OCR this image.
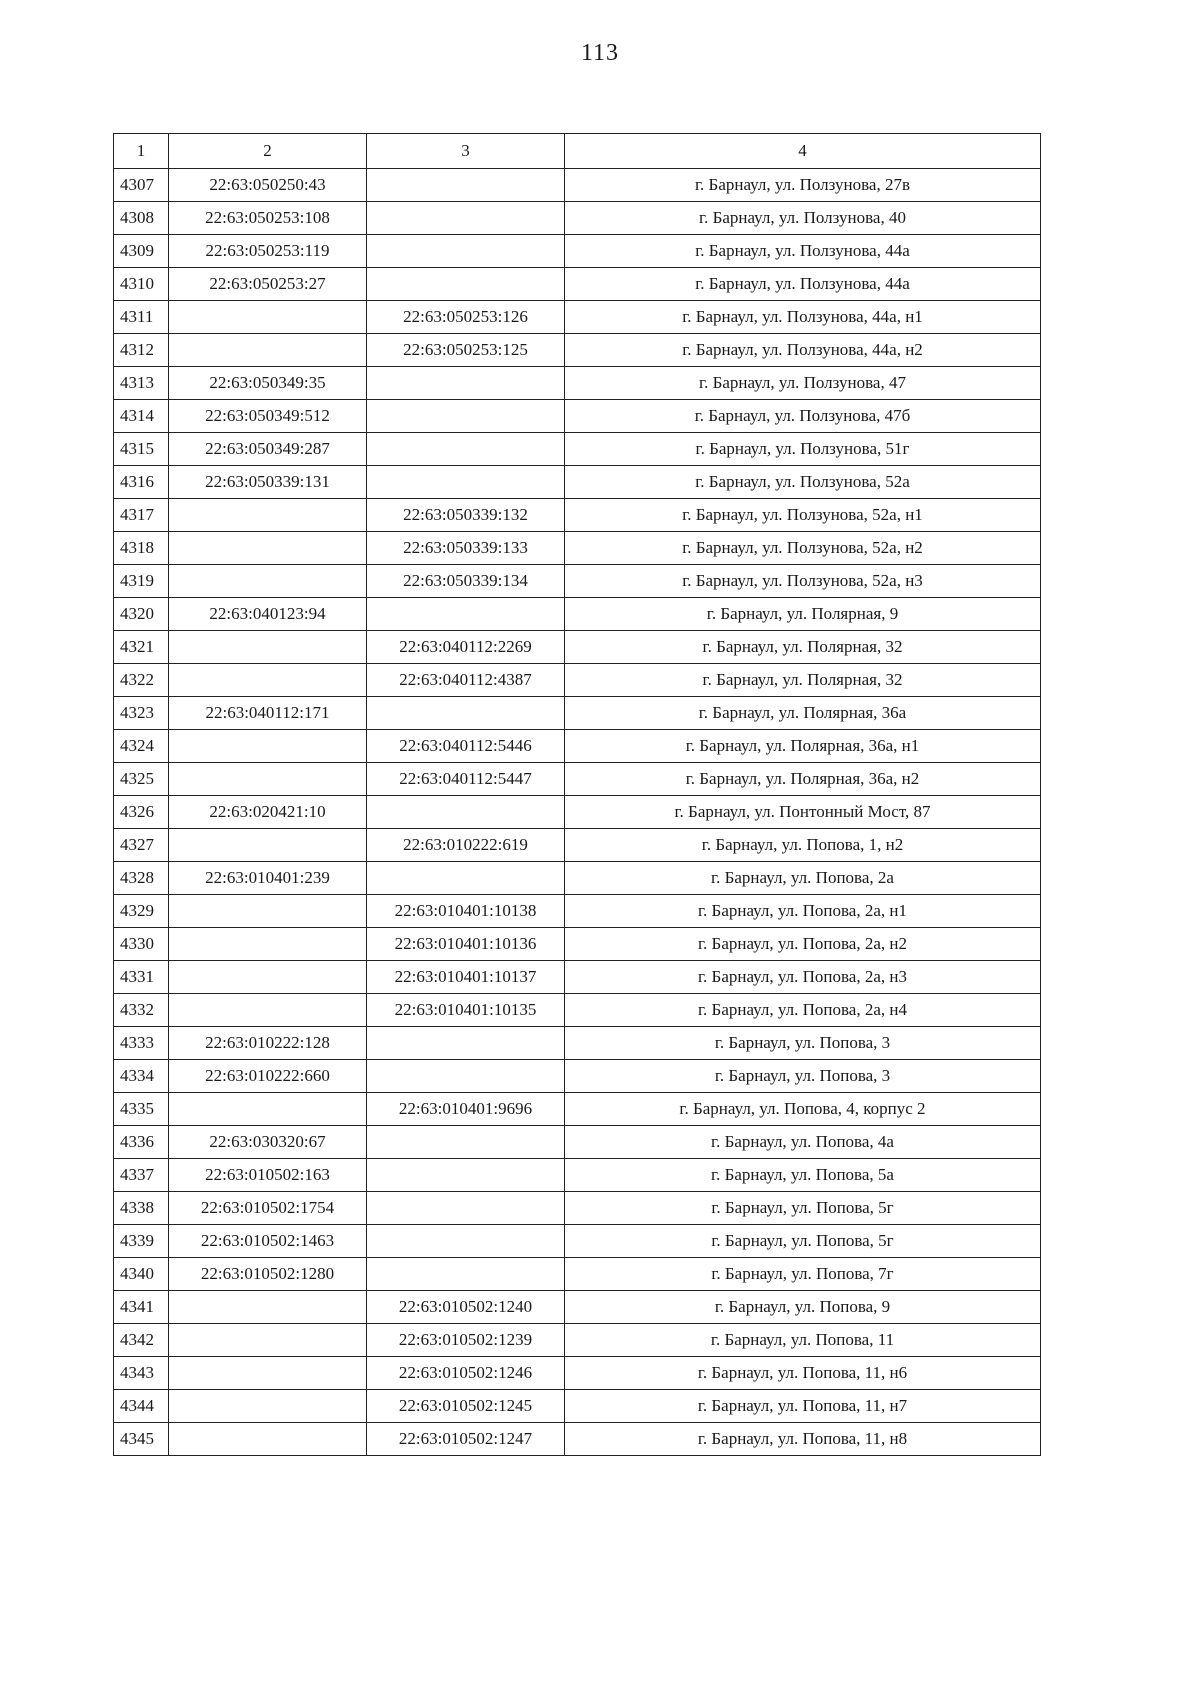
113
1	2	3	4
4307	22:63:050250:43		г. Барнаул, ул. Ползунова, 27в
4308	22:63:050253:108		г. Барнаул, ул. Ползунова, 40
4309	22:63:050253:119		г. Барнаул, ул. Ползунова, 44а
4310	22:63:050253:27		г. Барнаул, ул. Ползунова, 44а
4311		22:63:050253:126	г. Барнаул, ул. Ползунова, 44а, н1
4312		22:63:050253:125	г. Барнаул, ул. Ползунова, 44а, н2
4313	22:63:050349:35		г. Барнаул, ул. Ползунова, 47
4314	22:63:050349:512		г. Барнаул, ул. Ползунова, 47б
4315	22:63:050349:287		г. Барнаул, ул. Ползунова, 51г
4316	22:63:050339:131		г. Барнаул, ул. Ползунова, 52а
4317		22:63:050339:132	г. Барнаул, ул. Ползунова, 52а, н1
4318		22:63:050339:133	г. Барнаул, ул. Ползунова, 52а, н2
4319		22:63:050339:134	г. Барнаул, ул. Ползунова, 52а, н3
4320	22:63:040123:94		г. Барнаул, ул. Полярная, 9
4321		22:63:040112:2269	г. Барнаул, ул. Полярная, 32
4322		22:63:040112:4387	г. Барнаул, ул. Полярная, 32
4323	22:63:040112:171		г. Барнаул, ул. Полярная, 36а
4324		22:63:040112:5446	г. Барнаул, ул. Полярная, 36а, н1
4325		22:63:040112:5447	г. Барнаул, ул. Полярная, 36а, н2
4326	22:63:020421:10		г. Барнаул, ул. Понтонный Мост, 87
4327		22:63:010222:619	г. Барнаул, ул. Попова, 1, н2
4328	22:63:010401:239		г. Барнаул, ул. Попова, 2а
4329		22:63:010401:10138	г. Барнаул, ул. Попова, 2а, н1
4330		22:63:010401:10136	г. Барнаул, ул. Попова, 2а, н2
4331		22:63:010401:10137	г. Барнаул, ул. Попова, 2а, н3
4332		22:63:010401:10135	г. Барнаул, ул. Попова, 2а, н4
4333	22:63:010222:128		г. Барнаул, ул. Попова, 3
4334	22:63:010222:660		г. Барнаул, ул. Попова, 3
4335		22:63:010401:9696	г. Барнаул, ул. Попова, 4, корпус 2
4336	22:63:030320:67		г. Барнаул, ул. Попова, 4а
4337	22:63:010502:163		г. Барнаул, ул. Попова, 5а
4338	22:63:010502:1754		г. Барнаул, ул. Попова, 5г
4339	22:63:010502:1463		г. Барнаул, ул. Попова, 5г
4340	22:63:010502:1280		г. Барнаул, ул. Попова, 7г
4341		22:63:010502:1240	г. Барнаул, ул. Попова, 9
4342		22:63:010502:1239	г. Барнаул, ул. Попова, 11
4343		22:63:010502:1246	г. Барнаул, ул. Попова, 11, н6
4344		22:63:010502:1245	г. Барнаул, ул. Попова, 11, н7
4345		22:63:010502:1247	г. Барнаул, ул. Попова, 11, н8
